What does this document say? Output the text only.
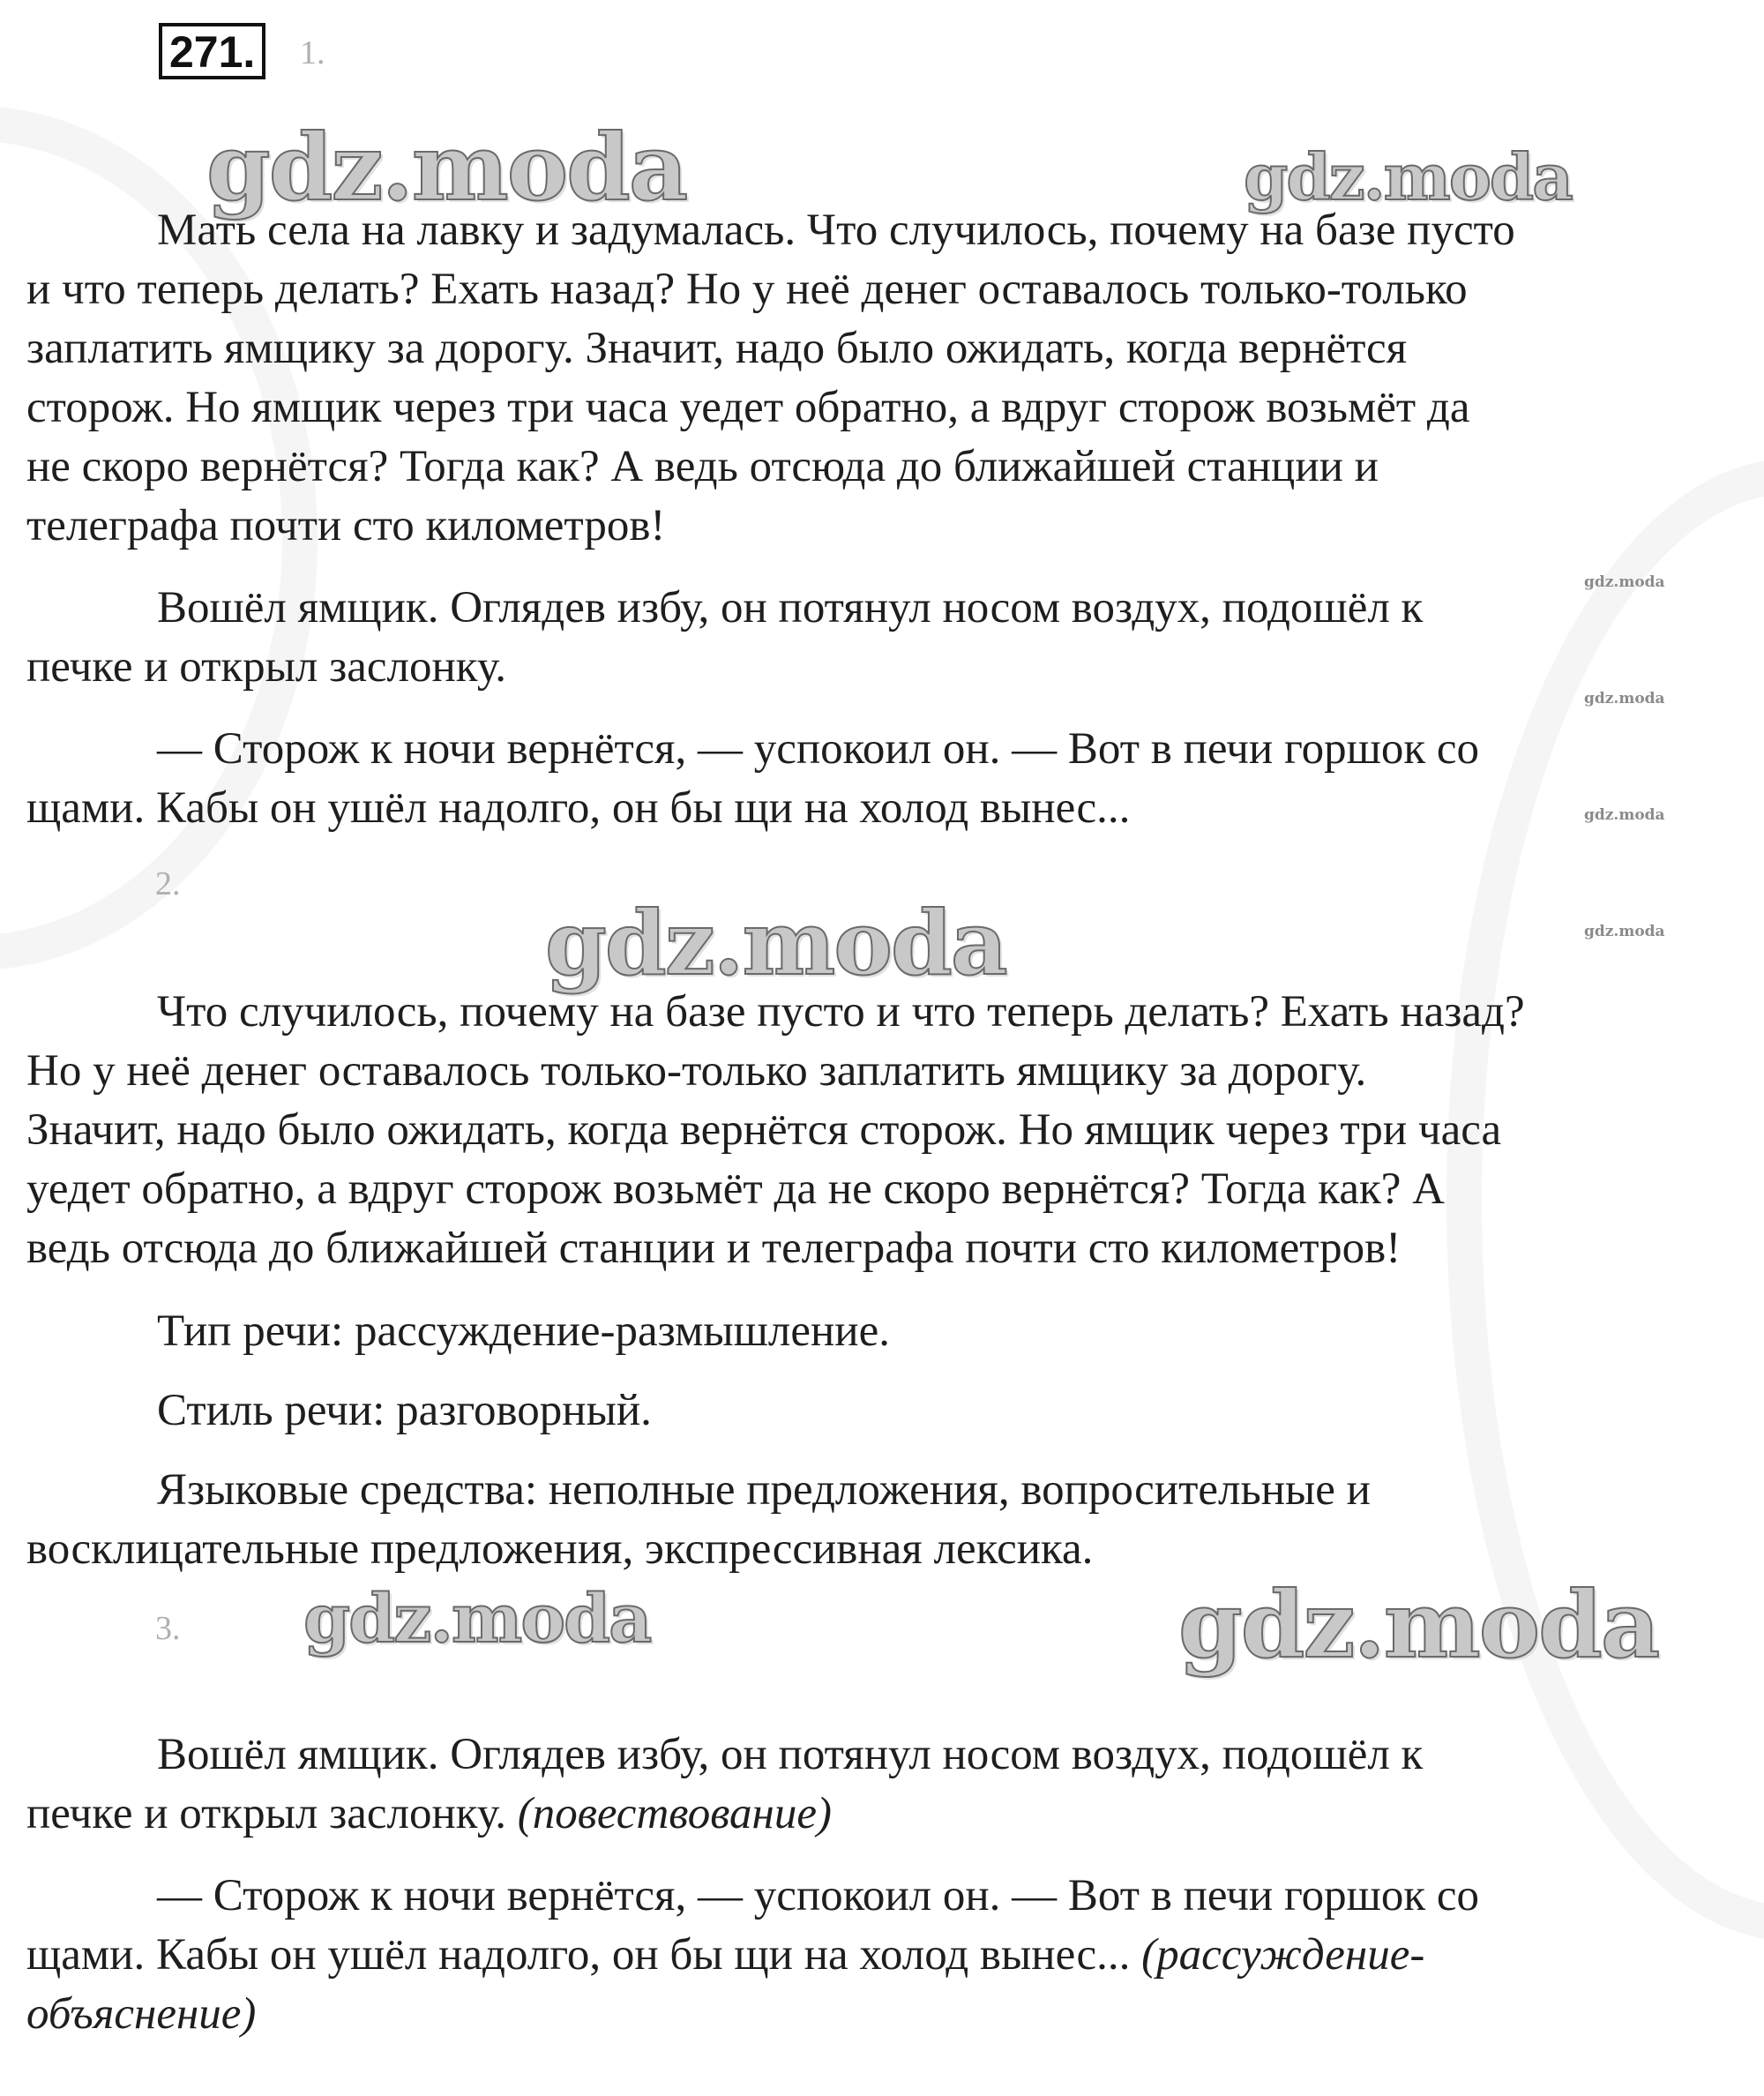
271.	1.
gdz.moda	gdz.moda
gdz.moda
gdz.moda	gdz.moda
gdz.moda
gdz.moda
gdz.moda
gdz.moda

Мать села на лавку и задумалась. Что случилось, почему на базе пусто
и что теперь делать? Ехать назад? Но у неё денег оставалось только-только
заплатить ямщику за дорогу. Значит, надо было ожидать, когда вернётся
сторож. Но ямщик через три часа уедет обратно, а вдруг сторож возьмёт да
не скоро вернётся? Тогда как? А ведь отсюда до ближайшей станции и
телеграфа почти сто километров!

Вошёл ямщик. Оглядев избу, он потянул носом воздух, подошёл к
печке и открыл заслонку.

— Сторож к ночи вернётся, — успокоил он. — Вот в печи горшок со
щами. Кабы он ушёл надолго, он бы щи на холод вынес...

2.

Что случилось, почему на базе пусто и что теперь делать? Ехать назад?
Но у неё денег оставалось только-только заплатить ямщику за дорогу.
Значит, надо было ожидать, когда вернётся сторож. Но ямщик через три часа
уедет обратно, а вдруг сторож возьмёт да не скоро вернётся? Тогда как? А
ведь отсюда до ближайшей станции и телеграфа почти сто километров!

Тип речи: рассуждение-размышление.

Стиль речи: разговорный.

Языковые средства: неполные предложения, вопросительные и
восклицательные предложения, экспрессивная лексика.

3.

Вошёл ямщик. Оглядев избу, он потянул носом воздух, подошёл к
печке и открыл заслонку. (повествование)

— Сторож к ночи вернётся, — успокоил он. — Вот в печи горшок со
щами. Кабы он ушёл надолго, он бы щи на холод вынес... (рассуждение-
объяснение)
